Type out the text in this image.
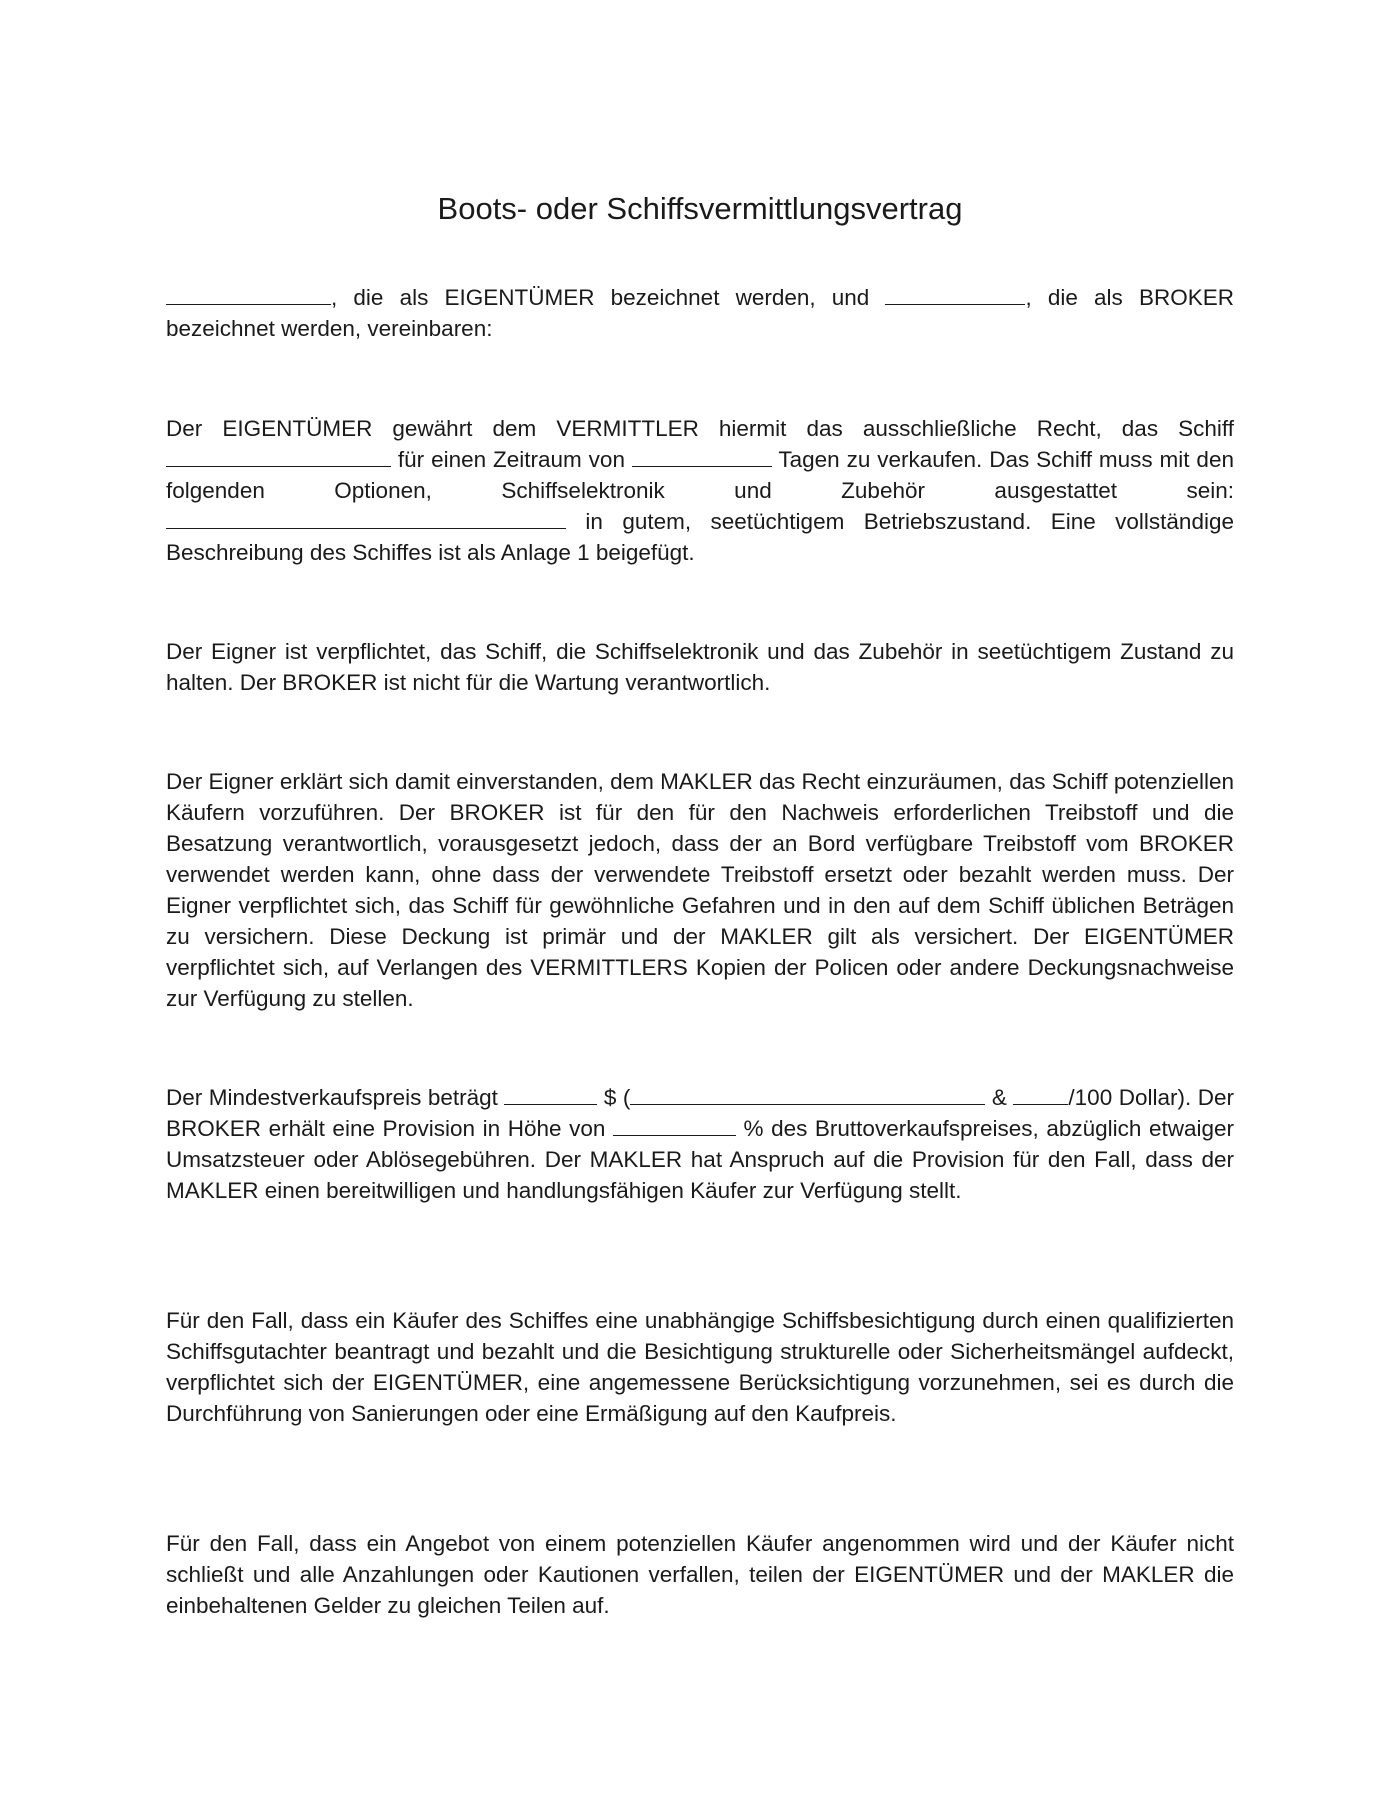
Boots- oder Schiffsvermittlungsvertrag

, die als EIGENTÜMER bezeichnet werden, und	, die als BROKER bezeichnet werden, vereinbaren:

Der EIGENTÜMER gewährt dem VERMITTLER hiermit das ausschließliche Recht, das Schiff  für einen Zeitraum von	Tagen zu verkaufen. Das Schiff muss mit den folgenden Optionen, Schiffselektronik und Zubehör ausgestattet sein:  in gutem, seetüchtigem Betriebszustand. Eine vollständige Beschreibung des Schiffes ist als Anlage 1 beigefügt.

Der Eigner ist verpflichtet, das Schiff, die Schiffselektronik und das Zubehör in seetüchtigem Zustand zu halten. Der BROKER ist nicht für die Wartung verantwortlich.

Der Eigner erklärt sich damit einverstanden, dem MAKLER das Recht einzuräumen, das Schiff potenziellen Käufern vorzuführen. Der BROKER ist für den für den Nachweis erforderlichen Treibstoff und die Besatzung verantwortlich, vorausgesetzt jedoch, dass der an Bord verfügbare Treibstoff vom BROKER verwendet werden kann, ohne dass der verwendete Treibstoff ersetzt oder bezahlt werden muss. Der Eigner verpflichtet sich, das Schiff für gewöhnliche Gefahren und in den auf dem Schiff üblichen Beträgen zu versichern. Diese Deckung ist primär und der MAKLER gilt als versichert. Der EIGENTÜMER verpflichtet sich, auf Verlangen des VERMITTLERS Kopien der Policen oder andere Deckungsnachweise zur Verfügung zu stellen.

Der Mindestverkaufspreis beträgt	$ (	&	/100 Dollar). Der BROKER erhält eine Provision in Höhe von	% des Bruttoverkaufspreises, abzüglich etwaiger Umsatzsteuer oder Ablösegebühren. Der MAKLER hat Anspruch auf die Provision für den Fall, dass der MAKLER einen bereitwilligen und handlungsfähigen Käufer zur Verfügung stellt.

Für den Fall, dass ein Käufer des Schiffes eine unabhängige Schiffsbesichtigung durch einen qualifizierten Schiffsgutachter beantragt und bezahlt und die Besichtigung strukturelle oder Sicherheitsmängel aufdeckt, verpflichtet sich der EIGENTÜMER, eine angemessene Berücksichtigung vorzunehmen, sei es durch die Durchführung von Sanierungen oder eine Ermäßigung auf den Kaufpreis.

Für den Fall, dass ein Angebot von einem potenziellen Käufer angenommen wird und der Käufer nicht schließt und alle Anzahlungen oder Kautionen verfallen, teilen der EIGENTÜMER und der MAKLER die einbehaltenen Gelder zu gleichen Teilen auf.
